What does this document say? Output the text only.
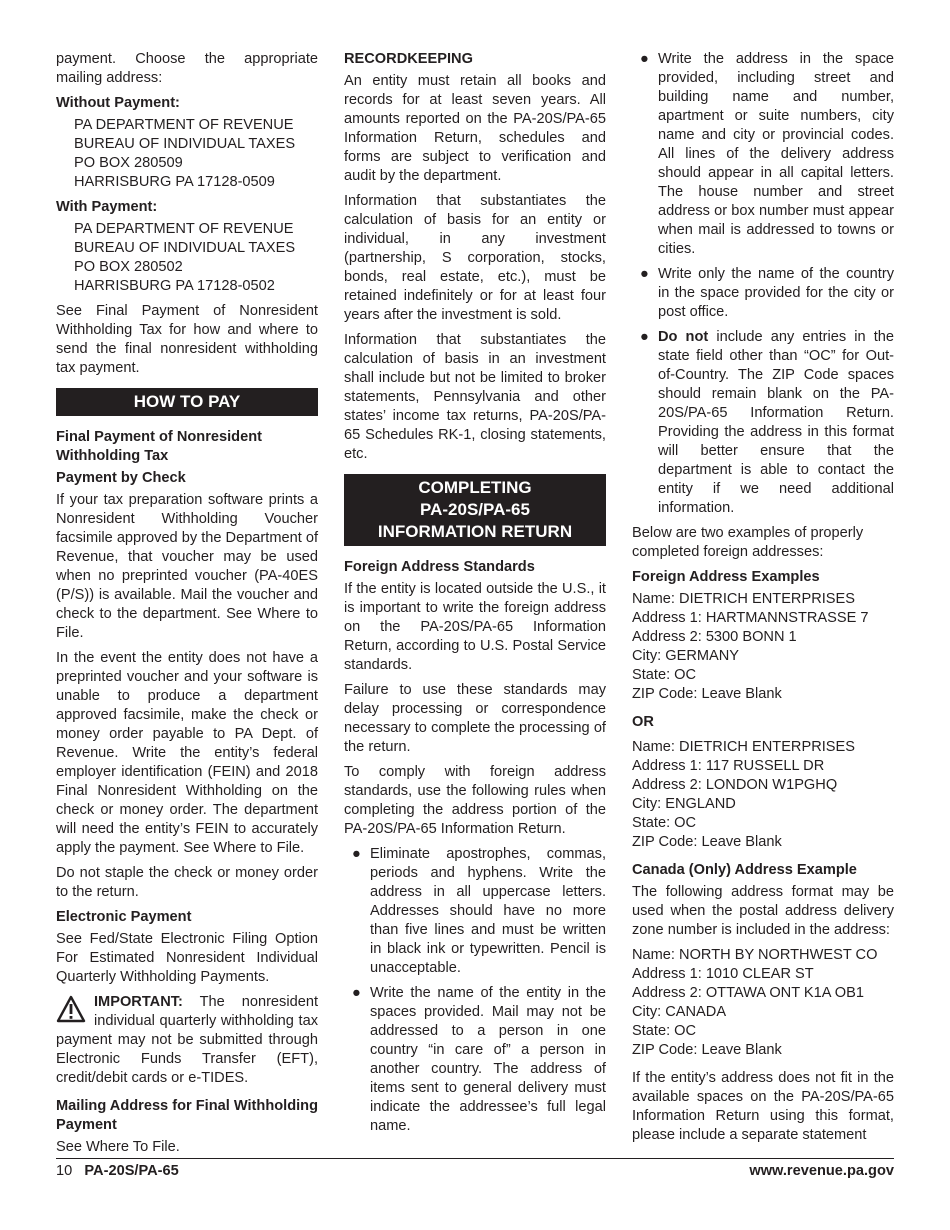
payment. Choose the appropriate mailing address:

Without Payment:
PA DEPARTMENT OF REVENUE
BUREAU OF INDIVIDUAL TAXES
PO BOX 280509
HARRISBURG PA 17128-0509
With Payment:
PA DEPARTMENT OF REVENUE
BUREAU OF INDIVIDUAL TAXES
PO BOX 280502
HARRISBURG PA 17128-0502

See Final Payment of Nonresident Withholding Tax for how and where to send the final nonresident withholding tax payment.

HOW TO PAY
Final Payment of Nonresident Withholding Tax
Payment by Check

If your tax preparation software prints a Nonresident Withholding Voucher facsimile approved by the Department of Revenue, that voucher may be used when no preprinted voucher (PA-40ES (P/S)) is available. Mail the voucher and check to the department. See Where to File.

In the event the entity does not have a preprinted voucher and your software is unable to produce a department approved facsimile, make the check or money order payable to PA Dept. of Revenue. Write the entity’s federal employer identification (FEIN) and 2018 Final Nonresident Withholding on the check or money order. The department will need the entity’s FEIN to accurately apply the payment. See Where to File.

Do not staple the check or money order to the return.

Electronic Payment

See Fed/State Electronic Filing Option For Estimated Nonresident Individual Quarterly Withholding Payments.

IMPORTANT: The nonresident individual quarterly withholding tax payment may not be submitted through Electronic Funds Transfer (EFT), credit/debit cards or e-TIDES.
Mailing Address for Final Withholding Payment

See Where To File.

RECORDKEEPING

An entity must retain all books and records for at least seven years. All amounts reported on the PA-20S/PA-65 Information Return, schedules and forms are subject to verification and audit by the department.

Information that substantiates the calculation of basis for an entity or individual, in any investment (partnership, S corporation, stocks, bonds, real estate, etc.), must be retained indefinitely or for at least four years after the investment is sold.

Information that substantiates the calculation of basis in an investment shall include but not be limited to broker statements, Pennsylvania and other states’ income tax returns, PA-20S/PA-65 Schedules RK-1, closing statements, etc.

COMPLETING
PA-20S/PA-65
INFORMATION RETURN
Foreign Address Standards

If the entity is located outside the U.S., it is important to write the foreign address on the PA-20S/PA-65 Information Return, according to U.S. Postal Service standards.

Failure to use these standards may delay processing or correspondence necessary to complete the processing of the return.

To comply with foreign address standards, use the following rules when completing the address portion of the PA-20S/PA-65 Information Return.

● Eliminate apostrophes, commas, periods and hyphens. Write the address in all uppercase letters. Addresses should have no more than five lines and must be written in black ink or typewritten. Pencil is unacceptable.
● Write the name of the entity in the spaces provided. Mail may not be addressed to a person in one country “in care of” a person in another country. The address of items sent to general delivery must indicate the addressee’s full legal name.
● Write the address in the space provided, including street and building name and number, apartment or suite numbers, city name and city or provincial codes. All lines of the delivery address should appear in all capital letters. The house number and street address or box number must appear when mail is addressed to towns or cities.
● Write only the name of the country in the space provided for the city or post office.
● Do not include any entries in the state field other than “OC” for Out-of-Country. The ZIP Code spaces should remain blank on the PA-20S/PA-65 Information Return. Providing the address in this format will better ensure that the department is able to contact the entity if we need additional information.

Below are two examples of properly completed foreign addresses:

Foreign Address Examples
Name: DIETRICH ENTERPRISES
Address 1: HARTMANNSTRASSE 7
Address 2: 5300 BONN 1
City: GERMANY
State: OC
ZIP Code: Leave Blank
OR
Name: DIETRICH ENTERPRISES
Address 1: 117 RUSSELL DR
Address 2: LONDON W1PGHQ
City: ENGLAND
State: OC
ZIP Code: Leave Blank
Canada (Only) Address Example

The following address format may be used when the postal address delivery zone number is included in the address:

Name: NORTH BY NORTHWEST CO
Address 1: 1010 CLEAR ST
Address 2: OTTAWA ONT K1A OB1
City: CANADA
State: OC
ZIP Code: Leave Blank

If the entity’s address does not fit in the available spaces on the PA-20S/PA-65 Information Return using this format, please include a separate statement

10 PA-20S/PA-65	www.revenue.pa.gov
